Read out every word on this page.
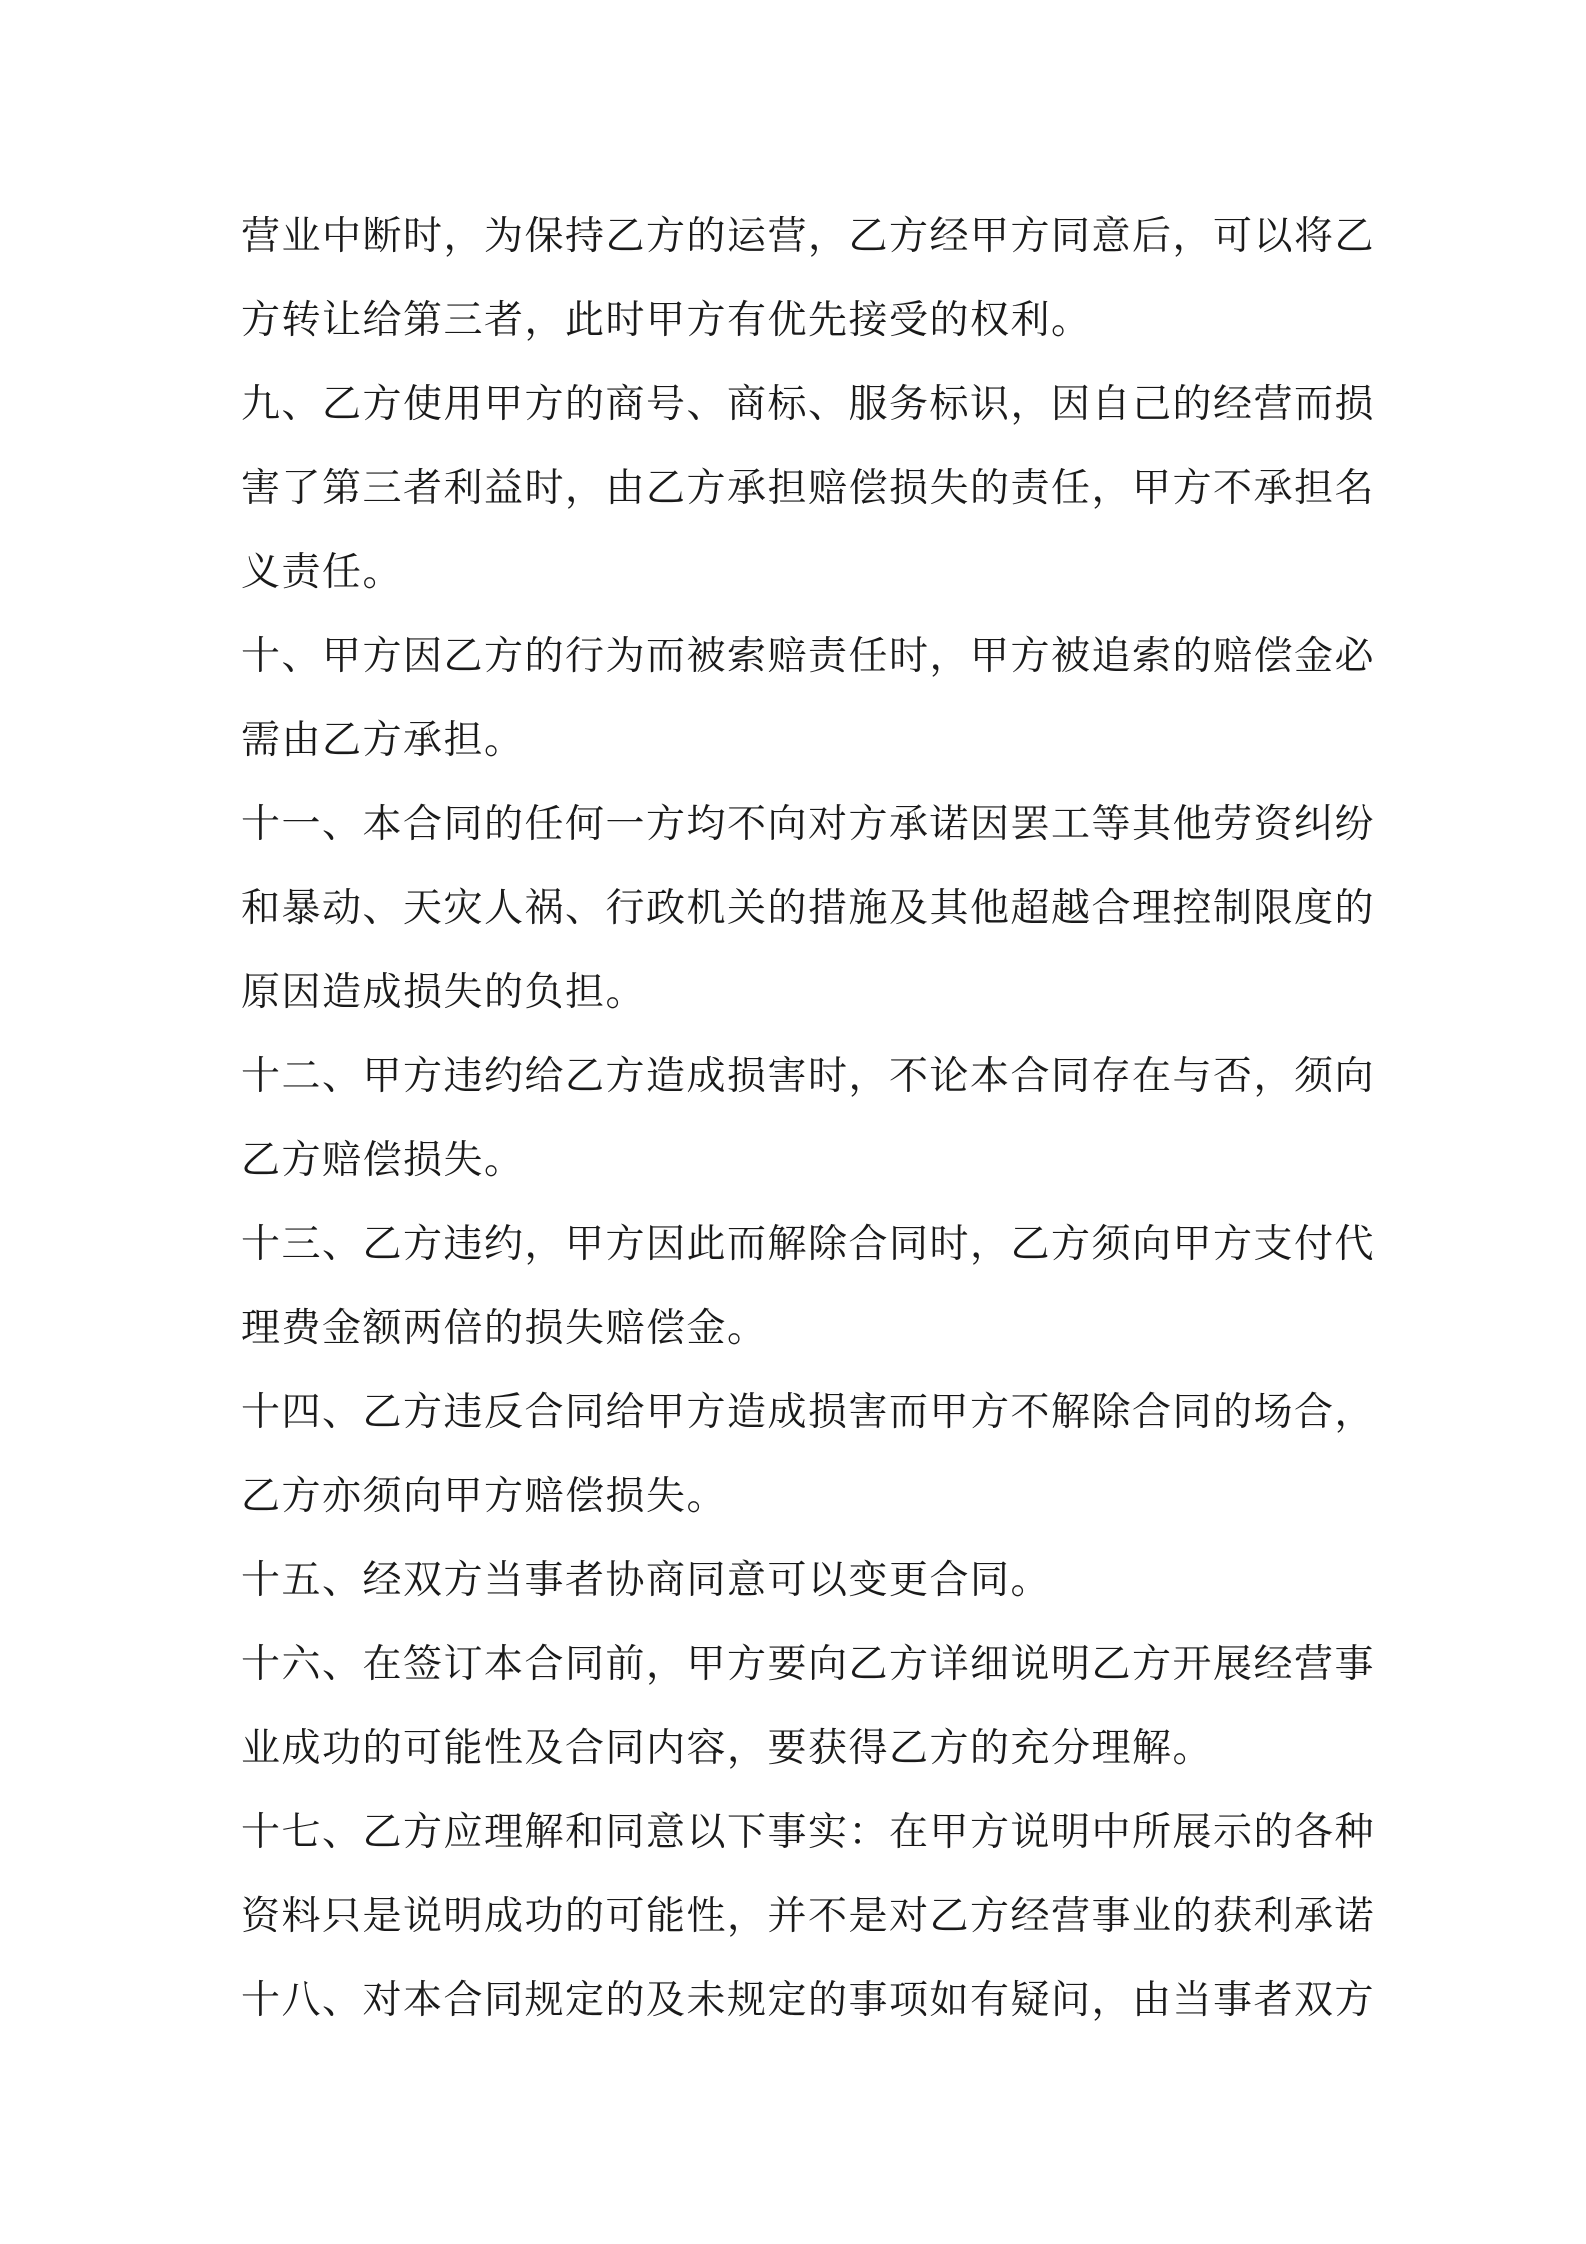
营业中断时，为保持乙方的运营，乙方经甲方同意后，可以将乙
方转让给第三者，此时甲方有优先接受的权利。
九、乙方使用甲方的商号、商标、服务标识，因自己的经营而损
害了第三者利益时，由乙方承担赔偿损失的责任，甲方不承担名
义责任。
十、甲方因乙方的行为而被索赔责任时，甲方被追索的赔偿金必
需由乙方承担。
十一、本合同的任何一方均不向对方承诺因罢工等其他劳资纠纷
和暴动、天灾人祸、行政机关的措施及其他超越合理控制限度的
原因造成损失的负担。
十二、甲方违约给乙方造成损害时，不论本合同存在与否，须向
乙方赔偿损失。
十三、乙方违约，甲方因此而解除合同时，乙方须向甲方支付代
理费金额两倍的损失赔偿金。
十四、乙方违反合同给甲方造成损害而甲方不解除合同的场合，
乙方亦须向甲方赔偿损失。
十五、经双方当事者协商同意可以变更合同。
十六、在签订本合同前，甲方要向乙方详细说明乙方开展经营事
业成功的可能性及合同内容，要获得乙方的充分理解。
十七、乙方应理解和同意以下事实：在甲方说明中所展示的各种
资料只是说明成功的可能性，并不是对乙方经营事业的获利承诺
十八、对本合同规定的及未规定的事项如有疑问，由当事者双方
